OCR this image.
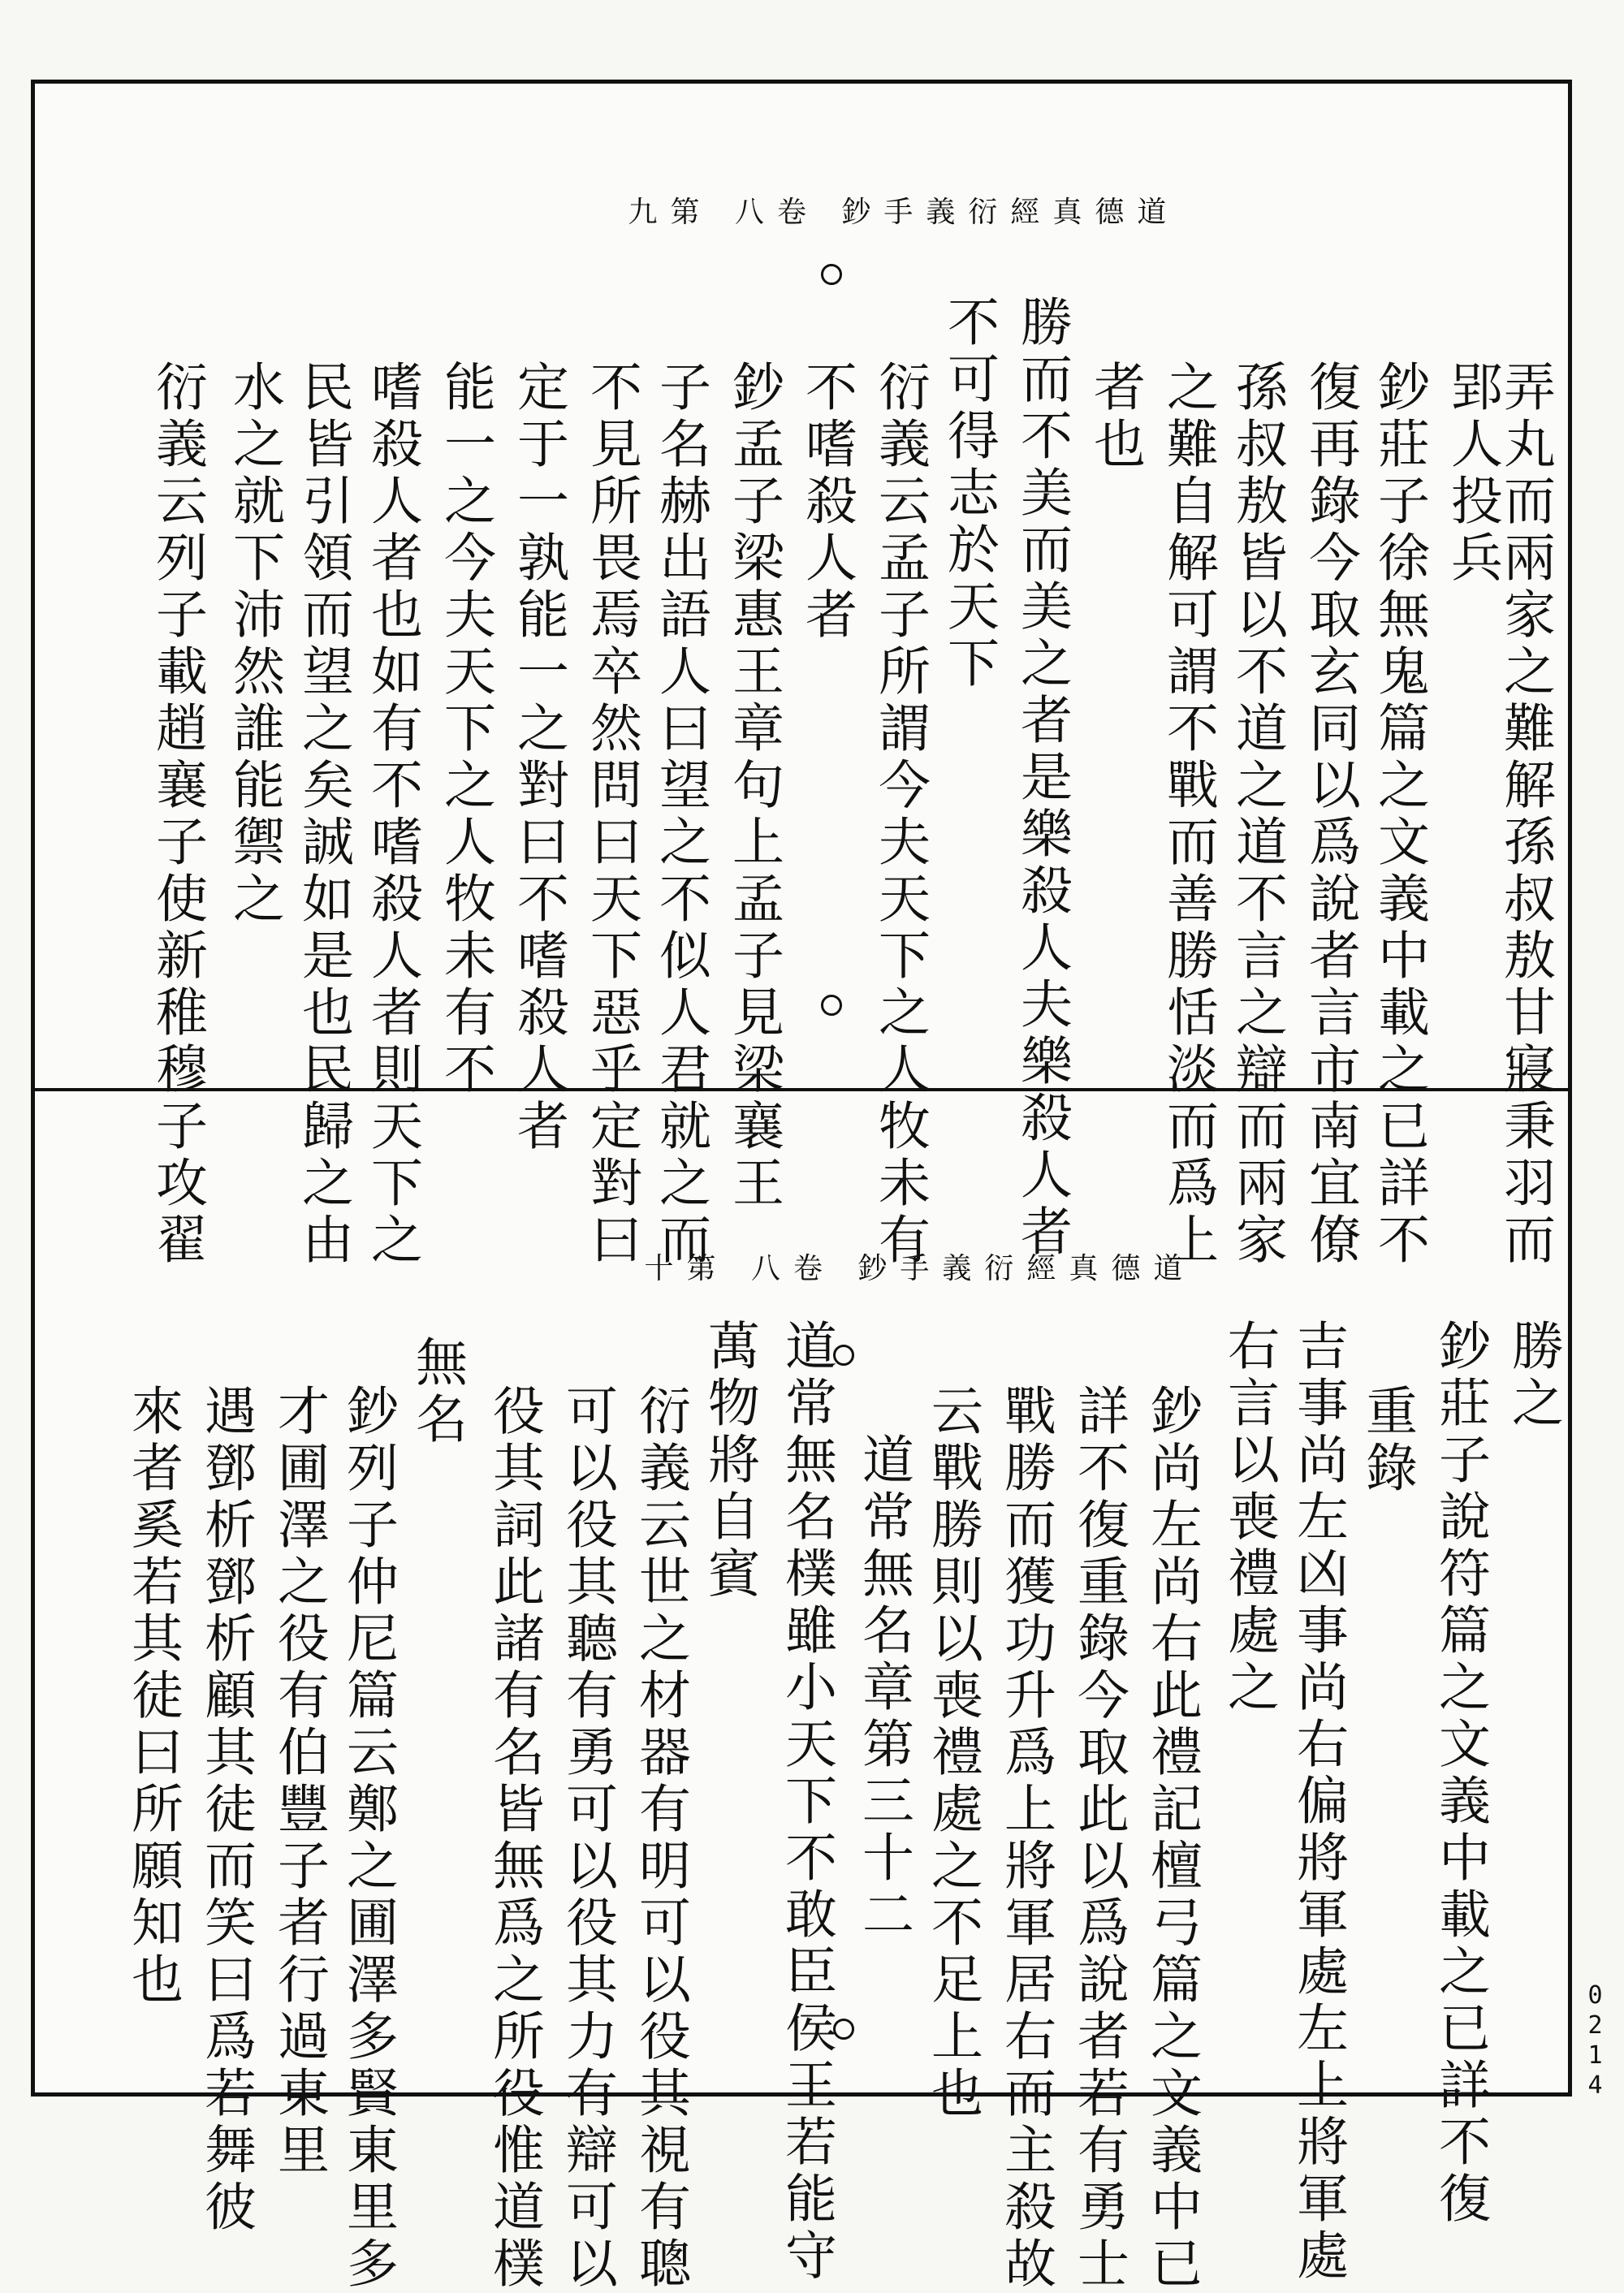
道德真經衍義手鈔 卷八 第九
弄丸而兩家之難解孫叔敖甘寢秉羽而
郢人投兵
鈔莊子徐無鬼篇之文義中載之已詳不
復再錄今取玄同以爲說者言市南宜僚
孫叔敖皆以不道之道不言之辯而兩家
之難自解可謂不戰而善勝恬淡而爲上
者也
勝而不美而美之者是樂殺人夫樂殺人者
不可得志於天下
衍義云孟子所謂今夫天下之人牧未有
不嗜殺人者
鈔孟子梁惠王章句上孟子見梁襄王
子名赫出語人曰望之不似人君就之而
不見所畏焉卒然問曰天下惡乎定對曰
定于一孰能一之對曰不嗜殺人者
能一之今夫天下之人牧未有不
嗜殺人者也如有不嗜殺人者則天下之
民皆引領而望之矣誠如是也民歸之由
水之就下沛然誰能禦之
衍義云列子載趙襄子使新稚穆子攻翟	道德真經衍義手鈔 卷八 第十
勝之
鈔莊子說符篇之文義中載之已詳不復
重錄
吉事尚左凶事尚右偏將軍處左上將軍處
右言以喪禮處之
鈔尚左尚右此禮記檀弓篇之文義中已
詳不復重錄今取此以爲說者若有勇士
戰勝而獲功升爲上將軍居右而主殺故
云戰勝則以喪禮處之不足上也
道常無名章第三十二
道常無名樸雖小天下不敢臣侯王若能守
萬物將自賓
衍義云世之材器有明可以役其視有聰
可以役其聽有勇可以役其力有辯可以
役其詞此諸有名皆無爲之所役惟道樸
無名
鈔列子仲尼篇云鄭之圃澤多賢東里多
才圃澤之役有伯豐子者行過東里
遇鄧析鄧析顧其徒而笑曰爲若舞彼
來者奚若其徒曰所願知也
0214
